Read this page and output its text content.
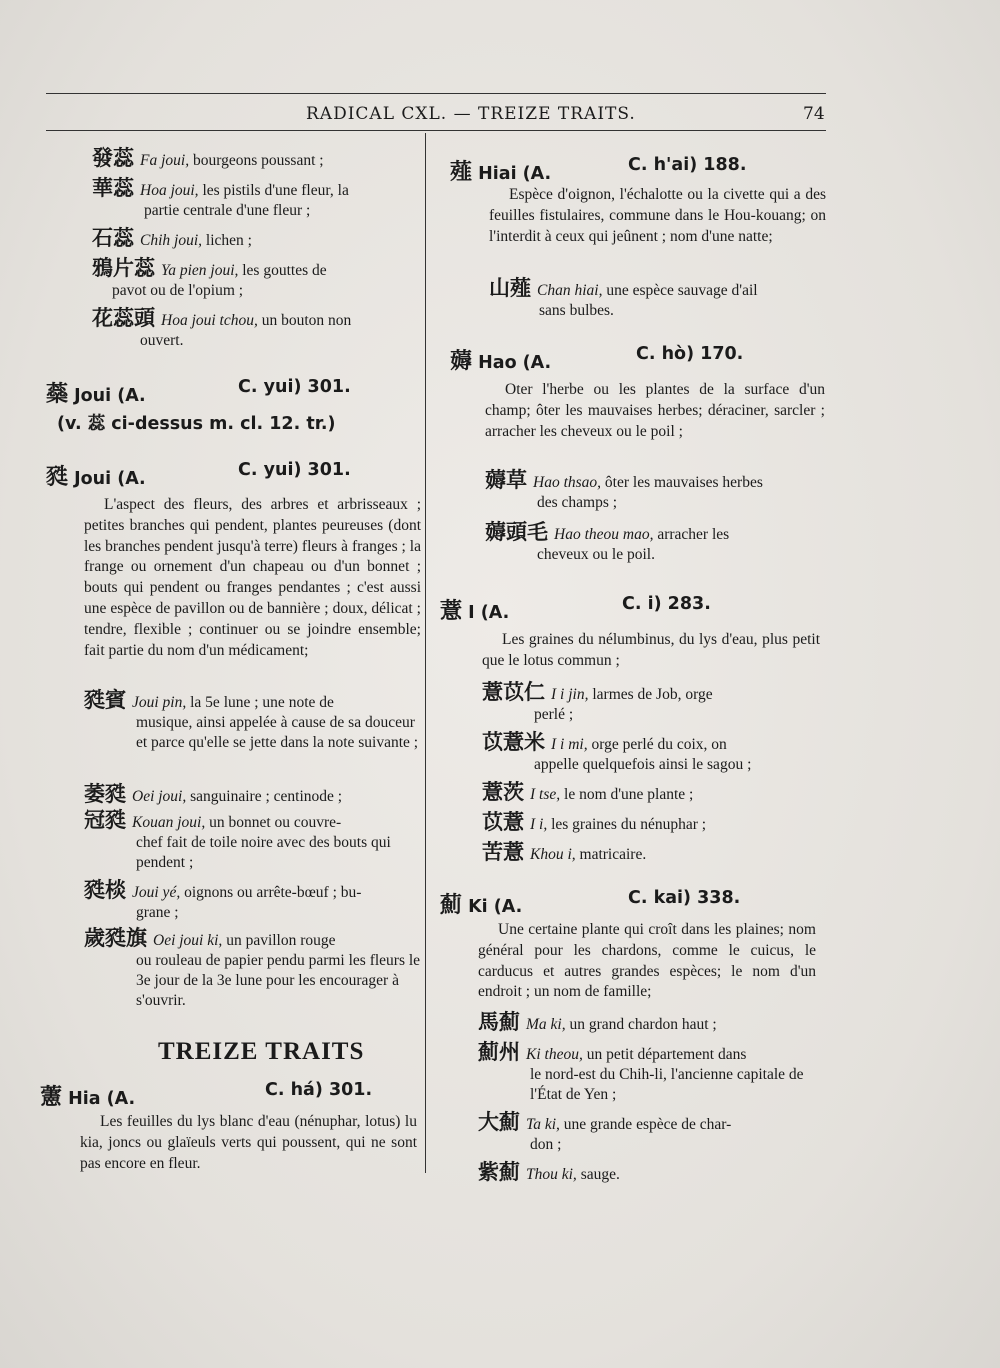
RADICAL CXL. — TREIZE TRAITS.	74
發蕊 Fa joui, bourgeons poussant ;
華蕊 Hoa joui, les pistils d'une fleur, la
partie centrale d'une fleur ;
石蕊 Chih joui, lichen ;
鴉片蕊 Ya pien joui, les gouttes de
pavot ou de l'opium ;
花蕊頭 Hoa joui tchou, un bouton non
ouvert.
蘂 Joui (A.	C. yui) 301.
(v. 蕊 ci-dessus m. cl. 12. tr.)
甤 Joui (A.	C. yui) 301.
L'aspect des fleurs, des arbres et arbrisseaux ; petites branches qui pendent, plantes peureuses (dont les branches pendent jusqu'à terre) fleurs à franges ; la frange ou ornement d'un chapeau ou d'un bonnet ; bouts qui pendent ou franges pendantes ; c'est aussi une espèce de pavillon ou de bannière ; doux, délicat ; tendre, flexible ; continuer ou se joindre ensemble; fait partie du nom d'un médicament;
甤賓 Joui pin, la 5e lune ; une note de
musique, ainsi appelée à cause de sa douceur et parce qu'elle se jette dans la note suivante ;
萎甤 Oei joui, sanguinaire ; centinode ;
冠甤 Kouan joui, un bonnet ou couvre-
chef fait de toile noire avec des bouts qui pendent ;
甤棪 Joui yé, oignons ou arrête-bœuf ; bu-
grane ;
歲甤旗 Oei joui ki, un pavillon rouge
ou rouleau de papier pendu parmi les fleurs le 3e jour de la 3e lune pour les encourager à s'ouvrir.
TREIZE TRAITS
藼 Hia (A.	C. há) 301.
Les feuilles du lys blanc d'eau (nénuphar, lotus) lu kia, joncs ou glaïeuls verts qui poussent, qui ne sont pas encore en fleur.
薤 Hiai (A.	C. h'ai) 188.
Espèce d'oignon, l'échalotte ou la civette qui a des feuilles fistulaires, commune dans le Hou-kouang; on l'interdit à ceux qui jeûnent ; nom d'une natte;
山薤 Chan hiai, une espèce sauvage d'ail
sans bulbes.
薅 Hao (A.	C. hò) 170.
Oter l'herbe ou les plantes de la surface d'un champ; ôter les mauvaises herbes; déraciner, sarcler ; arracher les cheveux ou le poil ;
薅草 Hao thsao, ôter les mauvaises herbes
des champs ;
薅頭毛 Hao theou mao, arracher les
cheveux ou le poil.
薏 I (A.	C. i) 283.
Les graines du nélumbinus, du lys d'eau, plus petit que le lotus commun ;
薏苡仁 I i jin, larmes de Job, orge
perlé ;
苡薏米 I i mi, orge perlé du coix, on
appelle quelquefois ainsi le sagou ;
薏茨 I tse, le nom d'une plante ;
苡薏 I i, les graines du nénuphar ;
苦薏 Khou i, matricaire.
薊 Ki (A.	C. kai) 338.
Une certaine plante qui croît dans les plaines; nom général pour les chardons, comme le cuicus, le carducus et autres grandes espèces; le nom d'un endroit ; un nom de famille;
馬薊 Ma ki, un grand chardon haut ;
薊州 Ki theou, un petit département dans
le nord-est du Chih-li, l'ancienne capitale de l'État de Yen ;
大薊 Ta ki, une grande espèce de char-
don ;
紫薊 Thou ki, sauge.
